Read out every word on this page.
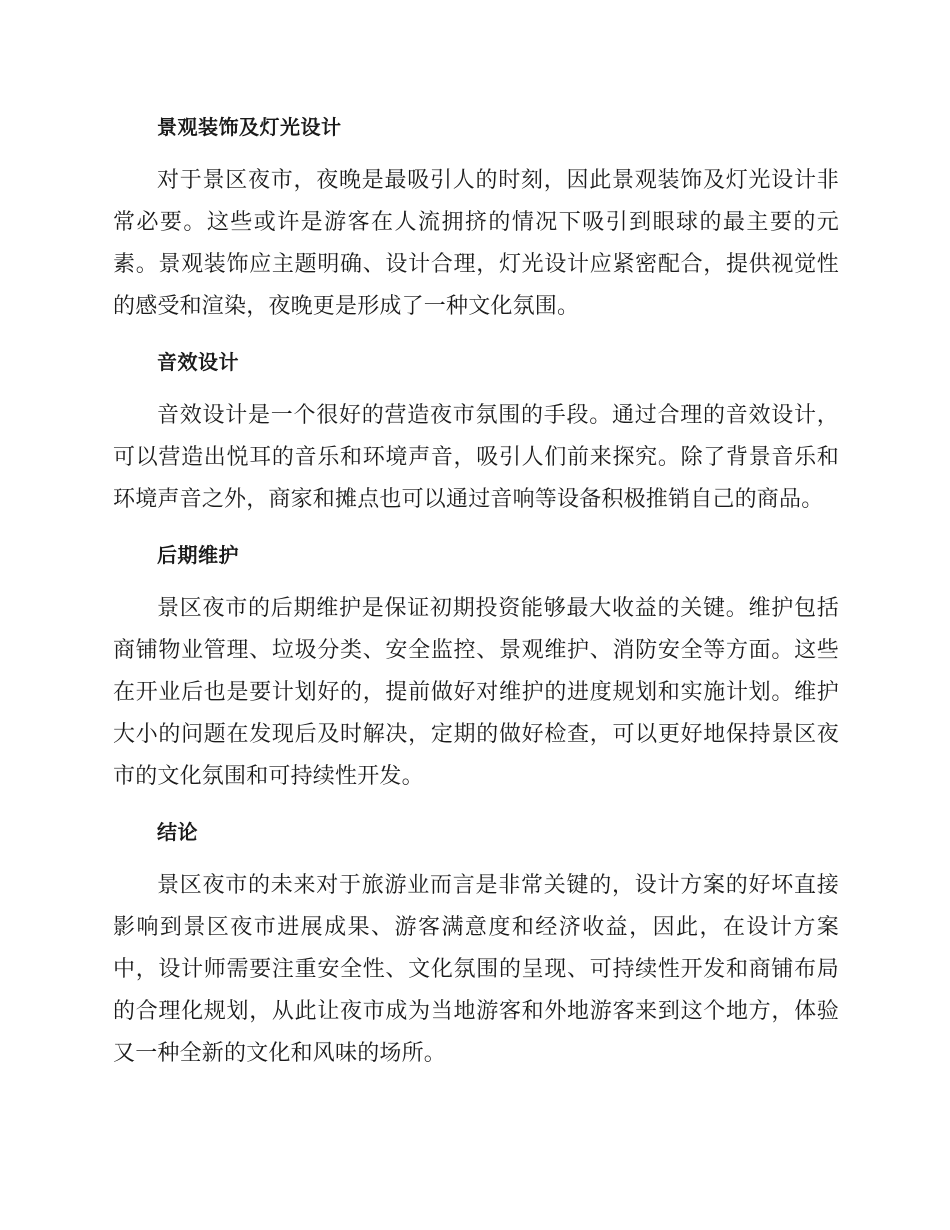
景观装饰及灯光设计

对于景区夜市，夜晚是最吸引人的时刻，因此景观装饰及灯光设计非常必要。这些或许是游客在人流拥挤的情况下吸引到眼球的最主要的元素。景观装饰应主题明确、设计合理，灯光设计应紧密配合，提供视觉性的感受和渲染，夜晚更是形成了一种文化氛围。

音效设计

音效设计是一个很好的营造夜市氛围的手段。通过合理的音效设计，可以营造出悦耳的音乐和环境声音，吸引人们前来探究。除了背景音乐和环境声音之外，商家和摊点也可以通过音响等设备积极推销自己的商品。

后期维护

景区夜市的后期维护是保证初期投资能够最大收益的关键。维护包括商铺物业管理、垃圾分类、安全监控、景观维护、消防安全等方面。这些在开业后也是要计划好的，提前做好对维护的进度规划和实施计划。维护大小的问题在发现后及时解决，定期的做好检查，可以更好地保持景区夜市的文化氛围和可持续性开发。

结论

景区夜市的未来对于旅游业而言是非常关键的，设计方案的好坏直接影响到景区夜市进展成果、游客满意度和经济收益，因此，在设计方案中，设计师需要注重安全性、文化氛围的呈现、可持续性开发和商铺布局的合理化规划，从此让夜市成为当地游客和外地游客来到这个地方，体验又一种全新的文化和风味的场所。
